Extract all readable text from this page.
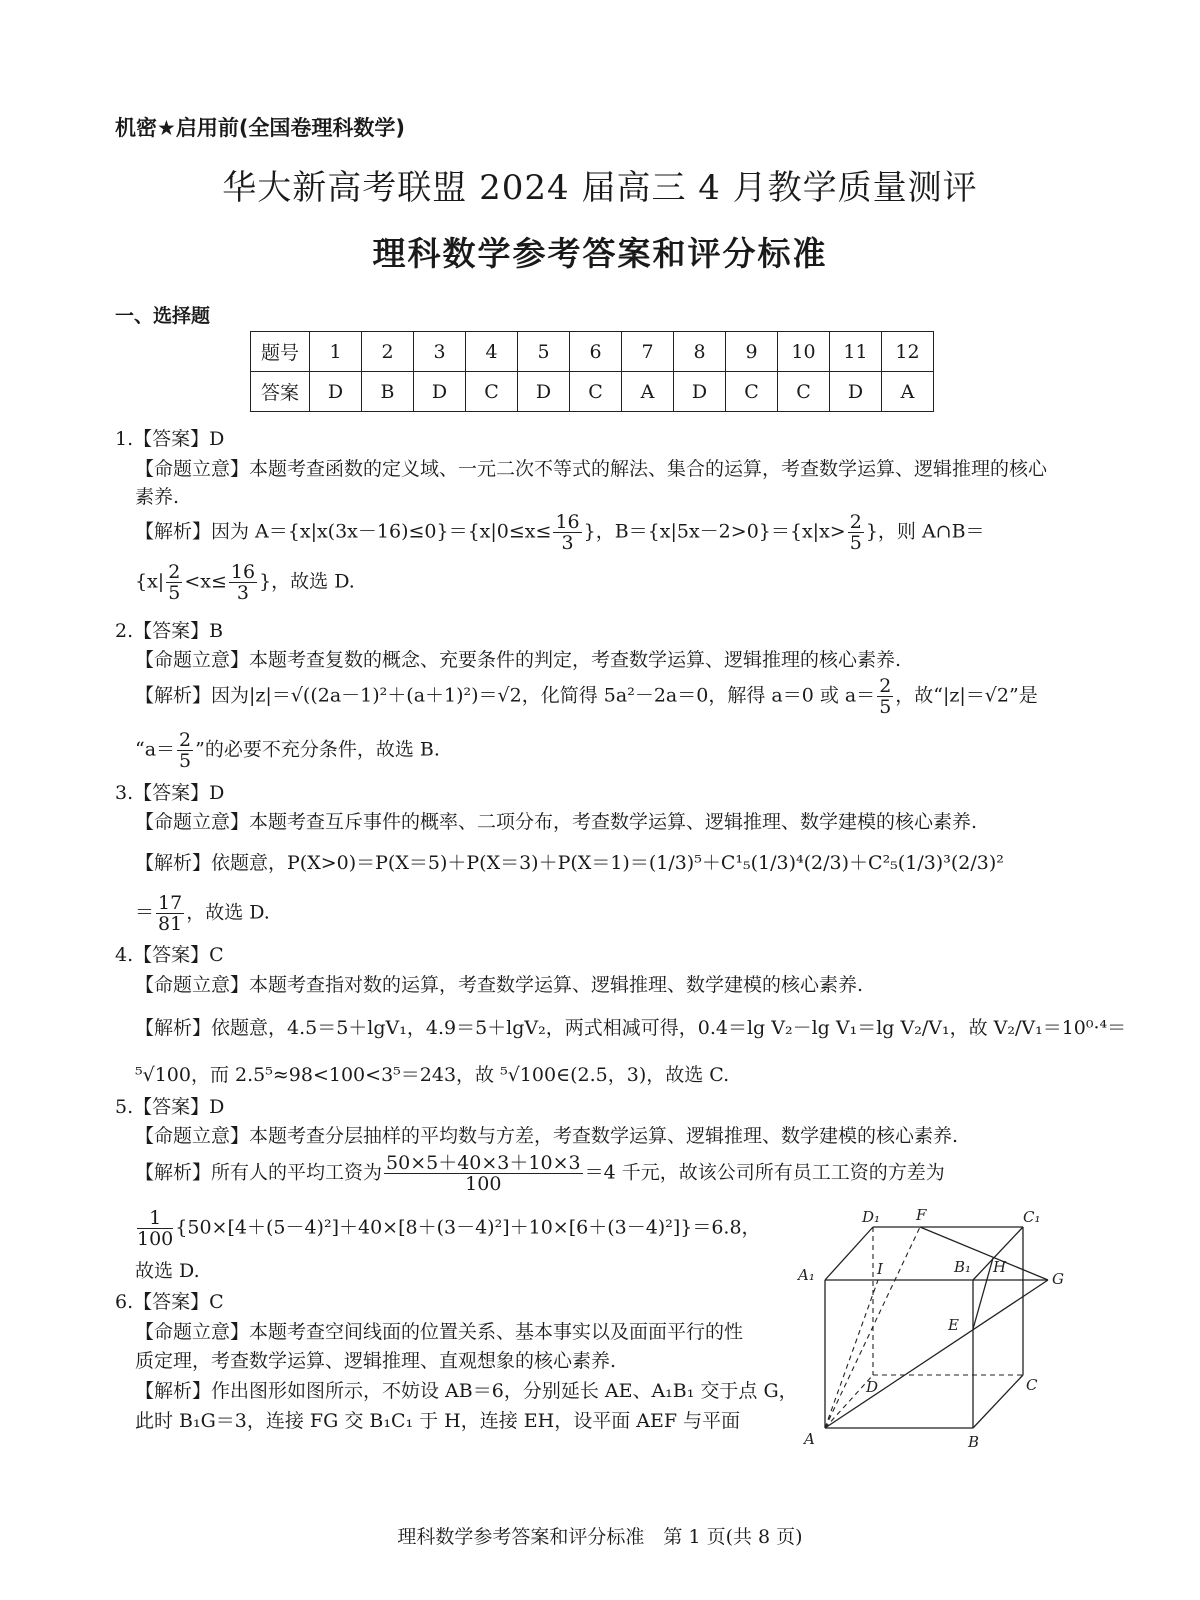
机密★启用前(全国卷理科数学)
华大新高考联盟 2024 届高三 4 月教学质量测评
理科数学参考答案和评分标准
一、选择题
题号	1	2	3	4	5	6	7	8	9	10	11	12
答案	D	B	D	C	D	C	A	D	C	C	D	A
1.【答案】D
【命题立意】本题考查函数的定义域、一元二次不等式的解法、集合的运算，考查数学运算、逻辑推理的核心
素养.
【解析】因为 $A=\{x|x(3x-16)\le 0\}=\{x|0\le x\le \frac{16}{3}$ }，$B=\{x|5x-2>0\}=\{x|x> \frac{2}{5}$ }，则 A∩B＝
{$x| \frac{2}{5} <x\le \frac{16}{3}$ }，故选 D.
2.【答案】B
【命题立意】本题考查复数的概念、充要条件的判定，考查数学运算、逻辑推理的核心素养.
【解析】因为|z|＝√((2a－1)²＋(a＋1)²)＝√2，化简得 5a²－2a＝0，解得 a＝0 或 $a= \frac{2}{5}$ ，故“|z|＝√2”是
“$a= \frac{2}{5}$ ”的必要不充分条件，故选 B.
3.【答案】D
【命题立意】本题考查互斥事件的概率、二项分布，考查数学运算、逻辑推理、数学建模的核心素养.
【解析】依题意，P(X>0)＝P(X＝5)＋P(X＝3)＋P(X＝1)＝(1/3)⁵＋C¹₅(1/3)⁴(2/3)＋C²₅(1/3)³(2/3)²
＝ $\frac{17}{81}$ ，故选 D.
4.【答案】C
【命题立意】本题考查指对数的运算，考查数学运算、逻辑推理、数学建模的核心素养.
【解析】依题意，4.5＝5＋lgV₁，4.9＝5＋lgV₂，两式相减可得，0.4＝lg V₂－lg V₁＝lg V₂/V₁，故 V₂/V₁＝10⁰·⁴＝
⁵√100，而 2.5⁵≈98<100<3⁵＝243，故 ⁵√100∈(2.5，3)，故选 C.
5.【答案】D
【命题立意】本题考查分层抽样的平均数与方差，考查数学运算、逻辑推理、数学建模的核心素养.
【解析】所有人的平均工资为 $\frac{50\times 5+40\times 3+10\times 3}{100} =4$ 千元，故该公司所有员工工资的方差为
$\frac{1}{100} \{50\times[4+(5-4)^2]+40\times[8+(3-4)^2]+10\times[6+(3-4)^2]\}=6.8$，
故选 D.
6.【答案】C
【命题立意】本题考查空间线面的位置关系、基本事实以及面面平行的性
质定理，考查数学运算、逻辑推理、直观想象的核心素养.
【解析】作出图形如图所示，不妨设 AB＝6，分别延长 AE、A₁B₁ 交于点 G，
此时 B₁G＝3，连接 FG 交 B₁C₁ 于 H，连接 EH，设平面 AEF 与平面
A	B
C
D
A₁	B₁
C₁
D₁
E
F
G
H
I
理科数学参考答案和评分标准　第 1 页(共 8 页)
